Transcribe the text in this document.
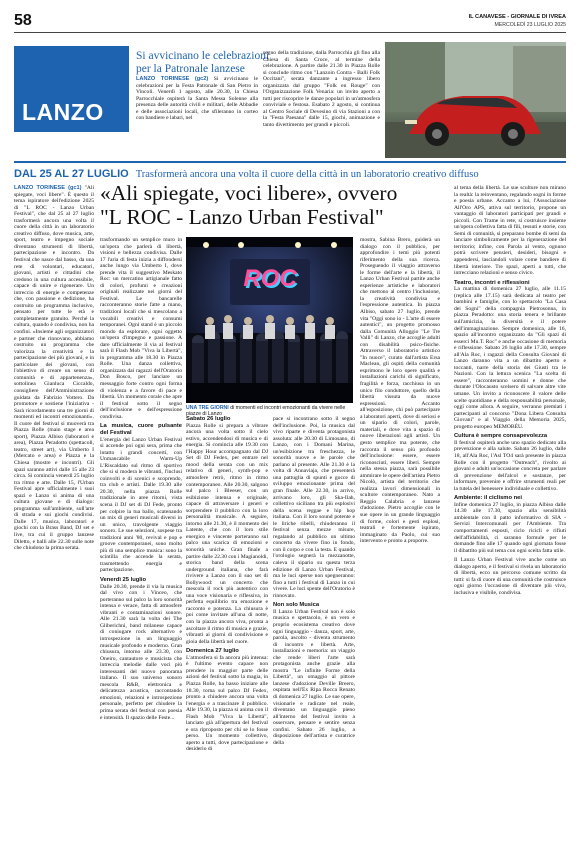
58	IL CANAVESE - GIORNALE DI IVREA
MERCOLEDÌ 23 LUGLIO 2025
LANZO
Si avvicinano le celebrazioni per la Patronale lanzese
LANZO TORINESE (gc2) Si avvicinano le celebrazioni per la Festa Patronale di San Pietro in Vincoli. Venerdì 1 agosto, alle 20.30, la Chiesa Parrocchiale ospiterà la Santa Messa Solenne alla presenza delle autorità civili e militari, delle Abbadie e delle associazioni locali, che sfileranno in corteo con bandiere e labari, nel
segno della tradizione, dalla Parrocchia gli fino alla Chiesa di Santa Croce, al termine della celebrazione. A partire dalle 21.30 in Piazza Rolle si conclude ritmo con "Lanzoin Contra - Balli Folk Occitani", serata danzante a ingresso libero organizzata dal gruppo "Folk en Rouge" con l'Organizzazione Folk Venaria: un invito aperto a tutti per riscoprire le danze popolari in un'atmosfera conviviale e festosa. Esabato 2 agosto, si continua al Centro Sociale di Devesino di via Stazioni a con la "Festa Paesana" dalle 15, giochi, animazione e tanto divertimento per grandi e piccoli.
DAL 25 AL 27 LUGLIO Trasformerà ancora una volta il cuore della città in un laboratorio creativo diffuso
LANZO TORINESE (gc1) "Ali spiegate, voci libere". È questo il tema ispiratore dell'edizione 2025 di "L ROC - Lanzo Urban Festival", che dal 25 al 27 luglio trasformerà ancora una volta il cuore della città in un laboratorio creativo diffuso, dove musica, arte, sport, teatro e impegno sociale diventano strumenti di libertà, partecipazione e incontro. Da festival che nasce dal basso, da una rete di volontari, educatori, giovani, artisti e cittadini che credono in una cultura accessibile, capace di unire e rigenerare. Un intreccio di energie e competenze che, con passione e dedizione, ha costruito un programma inclusivo, pensato per tutte le età e completamente gratuito. Perché la cultura, quando è condivisa, non ha confini. «Insieme agli organizzatori e partner che rinnovano, abbiamo costruito un programma che valorizza la creatività e la partecipazione dei più giovani, e in particolare dei giovani, con l'obiettivo di creare un senso di comunità e di appartenenza», sottolinea Gianluca Ciccaldo, consigliere dell'Amministrazione guidata da Fabrizio Vottero. Da promotore e sostiene l'iniziativa - Sarà ricordamento una tre giorni di momenti ed incontri emozionanti». Il cuore del festival si muoverà tra Piazza Rolle (main stage e area sport), Piazza Albiso (laboratori e area), Piazza Peradotto (spettacoli, teatro, street art), via Umberto I (Mercato e area) e Piazza e la Chiesa (mostre e incontri). Gli spazi saranno attivi dalle 15 alle 23 circa. Si comincia venerdì 25 luglio tra ritmo e arte. Dalle 15, l'Urban Festival apre ufficialmente i suoi spazi e Lanzo si anima di una cultura giovane e di dialogo: programma sull'ambiente, sull'arte di strada e sui giochi condivisi. Dalle 17, musica, laboratori e giochi con la Brass Band, DJ set e live, tra cui il gruppo lanzese Diletto, e balli alle 22.30 sulle note che chiudono la prima serata.
«Ali spiegate, voci libere», ovvero
"L ROC - Lanzo Urban Festival"

trasformando un semplice muro in un'opera che parlerà di libertà, visioni e bellezza condivisa. Dalle 17 l'aria di festa inizia a diffondersi anche lungo via Umberto I, dove prende vita il suggestivo Meskato Roc: un mercatino artigianale fatto di colori, profumi e creazioni originali realizzate nei giorni del Festival. Le bancarelle racconteranno storie fatte a mano, tradizioni locali che si mescolano a vocabili creativi e consumi temporanei. Ogni stand è un piccolo mondo da esplorare, ogni oggetto un'opera d'impegno e passione. A dare ufficialmente il via al festival sarà il Flash Mob "Viva la Libertà", in programma alle 18.30 in Piazza Rolle. Una danza collettiva, organizzata dai ragazzi dell'Oratorio Don Bosco, per lanciare un messaggio forte contro ogni forma di violenza e a favore di pace e libertà. Un momento corale che apre il festival sotto il segno dell'inclusione e dell'espressione condivisa.

La musica, cuore pulsante del Festival

L'energia del Lanzo Urban Festival si accende poi ogni sera, prima che intatto i grandi concerti, con Unmancabile Warm-Up L'Riscaldato sul ritmo di sportivo che si si modera le vibranti, l'inclusi coinvolti e di scenici e scoprendo, tra club e artisti. Dalle 19.30 alle 20.30, nella piazza Rolle tradizionale in aree ritorni, vista scena il DJ set di DJ Fede, pronto per colpire la tua ballo, scatenando un mix di generi musicali diversi in un unico, travolgente viaggio sonoro. Le sue selezioni, sospese tra tradizioni anni '80, revival e pop e groove contemporanei, sono molto più di una semplice musica: sono la scintilla che accende la serata, trasmettendo energia e partecipazione.

Venerdì 25 luglio

Dalle 20.30, prende il via la musica dal vivo con i Vinceo, che porteranno sul palco la loro sonorità intensa e verace, fatta di atmosfere vibranti e contaminazioni sonore. Alle 21.30 sarà la volta dei The Gliberichni, band milanese capace di coniugare rock alternativo e introspezione in un linguaggio musicale profondo e moderno. Gran chiusura, intorno alle 23.30, con Oneiro, cantautore e musicista che intreccia melodie dalle voci più interessanti del nuovo panorama italiano. Il suo universo sonoro mescola R&B, elettronica e delicatezza acustica, raccontando emozioni, relazioni e introspezione personale, perfetto per chiudere la prima serata del festival con poesia e intensità. Il spazio delle Feste...

ROC
UNA TRE GIORNI di momenti ed incontri emozionanti da vivere nelle piazze di Lanzo

Sabato 26 luglio

Piazza Rolle si prepara a vibrare ancora una volta sotto il cielo estivo, accendendosi di musica e di energia. Si comincia alle 19.30 con l'Happy Hour accompagnato dal DJ Set di DJ Fedex, per entrare nel mood della serata con un mix relativo di generi, synth-pop e atmosfere retrò, ritmo in ritmo contemporaneo. Alle 20.30, salgono sul palco i Bleeser, con un esibizione intensa e originale, capace di attraversare i generi e sorprendere il pubblico con la loro personalità musicale. A seguire, intorno alle 21.30, è il momento dei Latente, che con il loro stile energico e vincente porteranno sul palco una scarica di emozioni e sonorità uniche. Gran finale a partire dalle 22.30 con i Magianoldi, storica band della scena underground italiana, che farà rivivere a Lanzo con il suo set di Bollywood: un concerto che mescola il rock più autentico con una voce visionaria e riflessiva, in perfetta equilibrio tra emozione e racconto e potenza. La chiusura è poi come invitare all'una di notte, con la piazza ancora viva, pronta a ascoltare il ritmo di musica e grazie, vibranti ai giorni di condivisione e gioia della libertà nel cuore.

Domenica 27 luglio

L'atmosfera si fa ancora più intensa: è l'ultimo evento capace non prendere in maggior parte delle azioni del festival sotto la magia, in Piazza Rolle, ha basso iniziare alle 18.30, torna sul palco DJ Fedex, pronto a chiudere ancora una volta l'energia e a trascinare il pubblico. Alle 19.30, la piazza si anima con il Flash Mob "Viva la Libertà", lanciato già all'apertura del festival e ora riproposto per chi se lo fosse perso. Un momento collettivo, aperto a tutti, dove partecipazione e desiderio di

pace si incontrano sotto il segno dell'inclusione. Poi, la musica dal vivo riparte e diventa protagonista assoluta: alle 20.30 di Limosano, di Lanzo, con i Domani Marina, un'esibizione tra freschezza, le sonorità nuove e le parole che parlano al presente. Alle 21.30 è la volta di Annaviaja, che presenterà una pattuglia di spunti e gocce di sviluppo emozionante prima del gran finale. Alle 22.30, in arrivo, arrivano loro, gli Ska-Ilah, collettivo siciliano tra più esplosivi della scena reggae e hip hop italiana. Con il loro sound potente e le liriche ribelli, chiuderanno il festival senza mezze misure, regalando al pubblico un ultimo concerto da vivere fino in fondo, con il corpo e con la testa. E quando l'orologio segnerà la mezzanotte, caleva il sipario su questa terza edizione di Lanzo Urban Festival, ma le luci sperse non spegneranno: fino a tutti i festival di Lanzo in cui vivere. Le luci spente dell'Oratorio è rinnovato.

Non solo Musica

Il Lanzo Urban Festival non è solo musica e spettacolo, è un vero e proprio ecosistema creativo dove ogni linguaggio - danza, sport, arte, parola, ascolto - diventa strumento di incontro e libertà. Arte, installazioni e memoria: un viaggio che rende liberi l'arte sarà protagonista anche grazie alla mostra "Le infinite Forme della Libertà", un omaggio al pittore lanzese d'adozione Deville Breero, ospitata nell'Ex Ripa Rocca Renato di domenica 27 luglio. Le sue opere, visionarie e radicate nel reale, diventano un linguaggio pieno all'interno del festival invito a osservare, pensare e sentire senza confini. Sabato 26 luglio, a disposizione dell'artista e curatrice della

mostra, Sabina Brero, guiderà un dialogo con il pubblico, per approfondire i temi più potenti riferimento della sua ricerca. Proseguendo il viaggio attraverso le forme dell'arte e la libertà, il Lanzo Urban Festival partite anche esperienze artistiche e laboratori che mettono al centro l'inclusione, la creatività condivisa e l'espressione autentica. In piazza Albiso, sabato 27 luglio, prende vita "Oggi sono io - L'arte di essere autentici", un progetto promosso dalla Comunità Alloggio "Le Tre Valli" di Lanzo, che accoglie adulti con disabilità psico-fisiche. Attraverso il laboratorio artistico "In nuoce", curato dall'artista Ersa Maclean, gli ospiti della comunità esprimono le loro opere qualità e installazioni carichi di significato, fragilità e forza, racchiusa in un unico filo conduttore, quello della libertà vissuta da nuove espressioni. Accanto all'esposizione, chi può partecipare a laboratori aperti, dove di seriosi e un sipario di colori, parole, materiali, e dove vita a spazio di nuove liberazioni agli artisti. Un gesto semplice ma potente, che racconta il senso più profondo dell'inclusione: essere, essere riconosciuti, essere liberi. Sempre nella stessa piazza, sarà possibile ammirare le opere dell'artista Pietro Nicolò, artista del territorio che realizza lavori dimensionali in scultore contemporaneo. Nato a Reggio Calabria e lanzese d'adozione. Pietro accoglie con le sue opere in un grande linguaggio di forme, colori e gesti esplosi, teatrali e fortemente ispirato, immaginato da Paolo, cui suo intervento e pronto a proporre.

al tema della libertà. Le sue sculture non mirano la realtà: la reinventano, regalando sogni in forme e poesia urbane. Accanto a lui, l'Associazione All'Oro APS, attiva sul territorio, propone un vantaggio di laboratori participati per grandi e piccoli. Con Trame in rete, si costruisce insieme un'opera collettiva fatta di fili, tessuti e storie, con Semi di comunità, si preparano bombe di semi da lanciare simbolicamente per la rigenerazione del territorio; infine, con Parola al vento, ognuno potrà scrivere pensieri, desideri, bisogni e appendersi, lasciandoli volare come bandiere di libertà interiore. Tre spazi, aperti a tutti, che intrecciano relazioni e senso civico.

Teatro, incontri e riflessioni

La mattina di domenica 27 luglio, alle 11.15 (replica alle 17.15) sarà dedicata al teatro per bambini e famiglie, con lo spettacolo "La Casa dei Sogni" della compagnia Pietrosonna, in piazza Peradotto: una storia tenera e brillante sull'amicizia, la diversità e il potere dell'immaginazione. Sempre domenica, alle 16, spazio all'incontro organizzato da "Gli spazi di esserci Mu.T. Roc" e anche occasione di memoria e riflessione. Sabato 26 luglio alle 17.30, sempre all'Ala Roc, i ragazzi della Consulta Giovani di Lanzo daranno vita a un dibattito aperto e toccanti, narre della storia dei Giusti tra le Nazioni. Con la lettura scenica "La scelta di essere", racconteranno uomini e donne che durante l'Olocausto scelsero di salvare altre vite umane. Un invito a riconoscere il valore delle scelte quotidiane e della responsabilità personale, oggi come allora. A seguire, verranno premiati i partecipanti al concorso "Dona Libera Consulta Giovani" e al Viaggio della Memoria 2025, progetto europeo MEMOBÉU.

Cultura è sempre consapevolezza

Il festival ospiterà anche uno spazio dedicato alla prevenzione e alla salute. Sabato 26 luglio, dalle 18, all'Ala Roc, l'Asl TO4 sarà presente in piazza Rolle con il progetto "Outreach", rivolto ai giovani e adulti un'occasione concreta per parlare di prevenzione dell'alcol e sostanze, per informare, prevenire e offrire strumenti reali per la tutela del benessere individuale e collettivo.

Ambiente: il ciclismo nei

Infine domenica 27 luglio, in piazza Albiso dalle 14.30 alle 17.30, spazio alla sensibilità ambientale con il patto informativo di SIA - Servizi Intercomunali per l'Ambiente. Tra comportamenti esposti, ciclo ricicli e rifiuti dell'affidabilità, ci saranno formule per le domande fino alle 17 quando ogni giornata fosse il dibattito più sul tema con ogni scelta fatta utile.

Il Lanzo Urban Festival vive anche come un dialogo aperto, e il festival si rivela un laboratorio di libertà, ecco un percorso comune scritto da tutti: si fa di cuore di una comunità che costruisce ogni giorno l'occasione di diventare più viva, inclusiva e visibile, condivisa.
